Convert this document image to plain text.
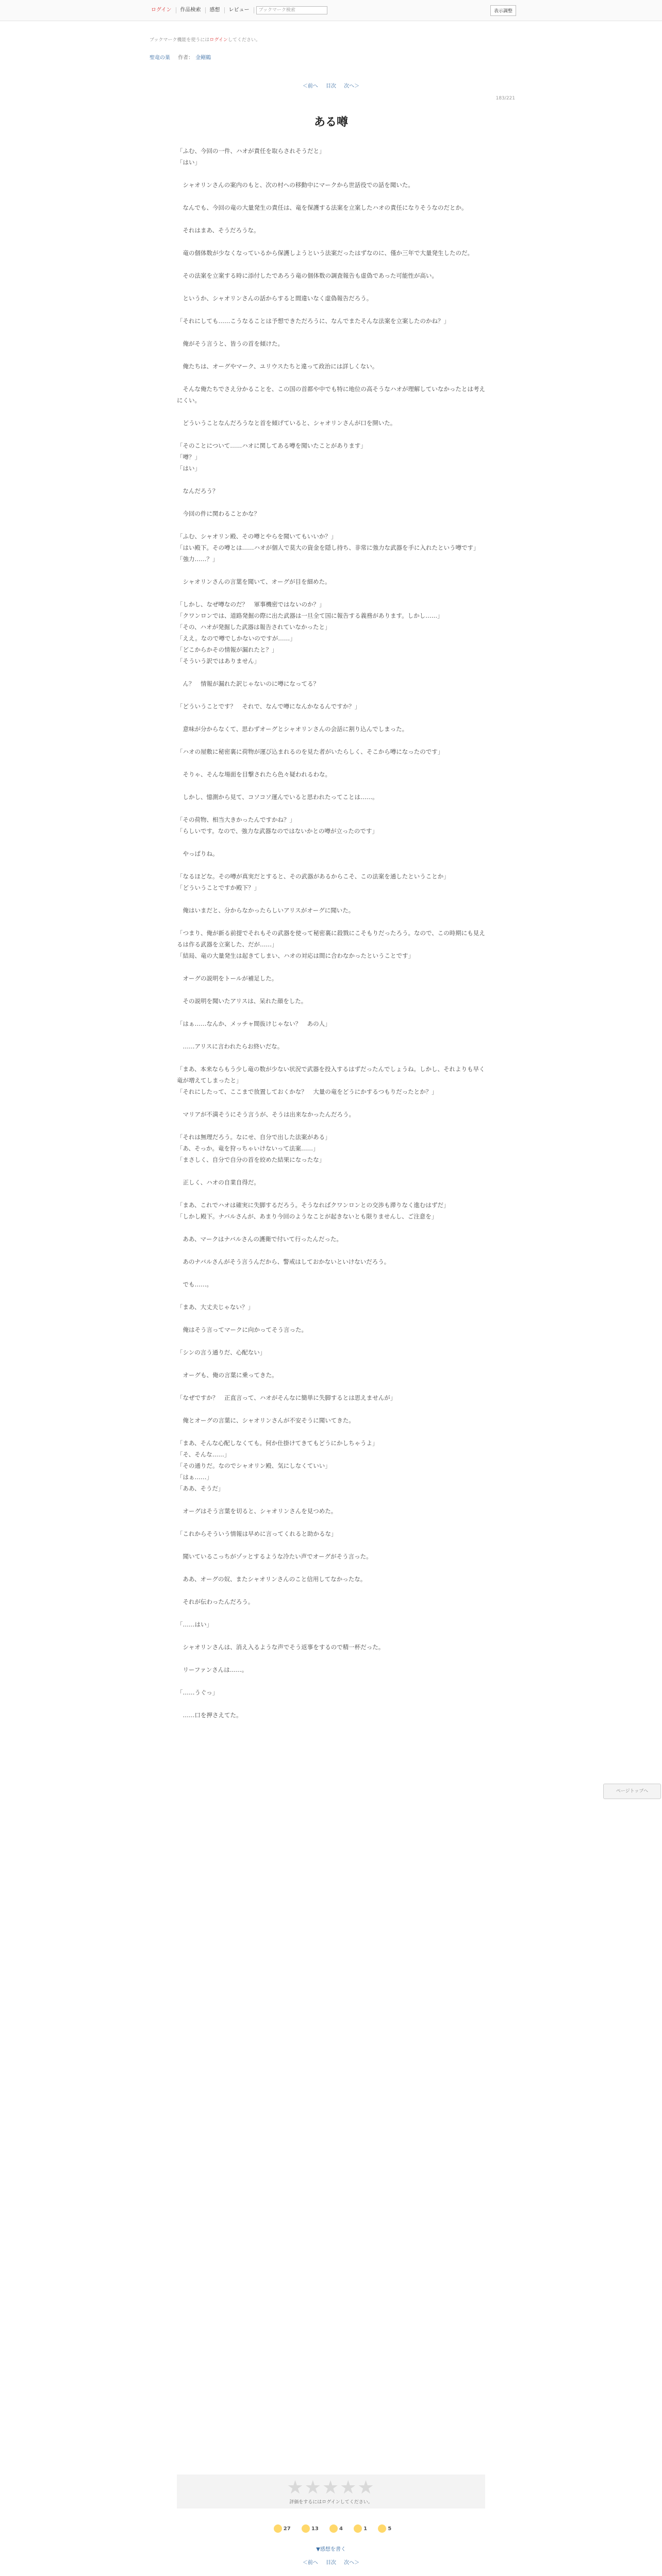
ログイン	作品検索	感想	レビュー	ブックマーク検索	表示調整
ブックマーク機能を使うにはログインしてください。
聖竜の巣 作者： 金剛鶴
＜前へ 目次 次へ＞
183/221
ある噂

「ふむ、今回の一件、ハオが責任を取らされそうだと」
「はい」

　シャオリンさんの案内のもと、次の村への移動中にマークから世話役での話を聞いた。

　なんでも、今回の竜の大量発生の責任は、竜を保護する法案を立案したハオの責任になりそうなのだとか。

　それはまあ、そうだろうな。

　竜の個体数が少なくなっているから保護しようという法案だったはずなのに、僅か三年で大量発生したのだ。

　その法案を立案する時に添付したであろう竜の個体数の調査報告も虚偽であった可能性が高い。

　というか、シャオリンさんの話からすると間違いなく虚偽報告だろう。

「それにしても……こうなることは予想できただろうに、なんでまたそんな法案を立案したのかね？」

　俺がそう言うと、皆うの首を傾けた。

　俺たちは、オーグやマーク、ユリウスたちと違って政治には詳しくない。

　そんな俺たちでさえ分かることを、この国の首都や中でも特に地位の高そうなハオが理解していなかったとは考えにくい。

　どういうことなんだろうなと首を傾げていると、シャオリンさんが口を開いた。

「そのことについて……ハオに関してある噂を聞いたことがあります」
「噂？」
「はい」

　なんだろう？

　今回の件に関わることかな？

「ふむ、シャオリン殿、その噂とやらを聞いてもいいか？」
「はい殿下。その噂とは……ハオが個人で莫大の資金を隠し持ち、非常に強力な武器を手に入れたという噂です」
「強力……？」

　シャオリンさんの言葉を聞いて、オーグが目を細めた。

「しかし、なぜ噂なのだ？　軍事機密ではないのか？」
「クワンロンでは、道路発掘の際に出た武器は一旦全て国に報告する義務があります。しかし……」
「その、ハオが発掘した武器は報告されていなかったと」
「ええ。なので噂でしかないのですが……」
「どこからかその情報が漏れたと？」
「そういう訳ではありません」

　ん？　情報が漏れた訳じゃないのに噂になってる？

「どういうことです？　それで、なんで噂になんかなるんですか？」

　意味が分からなくて、思わずオーグとシャオリンさんの会話に割り込んでしまった。

「ハオの屋敷に秘密裏に荷物が運び込まれるのを見た者がいたらしく、そこから噂になったのです」

　そりゃ、そんな場面を目撃されたら色々疑われるわな。

　しかし、憶測から見て、コソコソ運んでいると思われたってことは……。

「その荷物、相当大きかったんですかね？」
「らしいです。なので、強力な武器なのではないかとの噂が立ったのです」

　やっぱりね。

「なるほどな。その噂が真実だとすると、その武器があるからこそ、この法案を通したということか」
「どういうことですか殿下？」

　俺はいまだと、分からなかったらしいアリスがオーグに聞いた。

「つまり、俺が新る前提でそれもその武器を使って秘密裏に殺戮にこそもりだったろう。なので、この時期にも見えるは作る武器を立案した、だが……」
「結局、竜の大量発生は起きてしまい、ハオの対応は間に合わなかったということです」

　オーグの説明をトールが補足した。

　その説明を聞いたアリスは、呆れた顔をした。

「はぁ……なんか、メッチャ間抜けじゃない？　あの人」

　……アリスに言われたらお終いだな。

「まあ、本来ならもう少し竜の数が少ない状況で武器を投入するはずだったんでしょうね。しかし、それよりも早く竜が増えてしまったと」
「それにしたって、ここまで放置しておくかな？　大量の竜をどうにかするつもりだったとか？」

　マリアが不満そうにそう言うが、そうは出来なかったんだろう。

「それは無理だろう。なにせ、自分で出した法案がある」
「あ、そっか。竜を狩っちゃいけないって法案……」
「まさしく、自分で自分の首を絞めた結果になったな」

　正しく、ハオの自業自得だ。

「まあ、これでハオは確実に失脚するだろう。そうなればクワンロンとの交渉も滞りなく進むはずだ」
「しかし殿下。ナバルさんが、あまり今回のようなことが起きないとも限りませんし、ご注意を」

　ああ、マークはナバルさんの護衛で付いて行ったんだった。

　あのナバルさんがそう言うんだから、警戒はしておかないといけないだろう。

　でも……。

「まあ、大丈夫じゃない？」

　俺はそう言ってマークに向かってそう言った。

「シンの言う通りだ、心配ない」

　オーグも、俺の言葉に乗ってきた。

「なぜですか？　正直言って、ハオがそんなに簡単に失脚するとは思えませんが」

　俺とオーグの言葉に、シャオリンさんが不安そうに聞いてきた。

「まあ、そんな心配しなくても。何か仕掛けてきてもどうにかしちゃうよ」
「そ、そんな……」
「その通りだ。なのでシャオリン殿、気にしなくていい」
「はぁ……」
「ああ、そうだ」

　オーグはそう言葉を切ると、シャオリンさんを見つめた。

「これからそういう情報は早めに言ってくれると助かるな」

　聞いているこっちがゾッとするような冷たい声でオーグがそう言った。

　ああ、オーグの奴、またシャオリンさんのこと信用してなかったな。

　それが伝わったんだろう。

「……はい」

　シャオリンさんは、消え入るような声でそう返事をするので精一杯だった。

　リーファンさんは……。

「……うぐっ」

　……口を押さえてた。

ページトップへ
★★★★★
評価をするにはログインしてください。
27	13	4	1	5
▼感想を書く
＜前へ 目次 次へ＞
